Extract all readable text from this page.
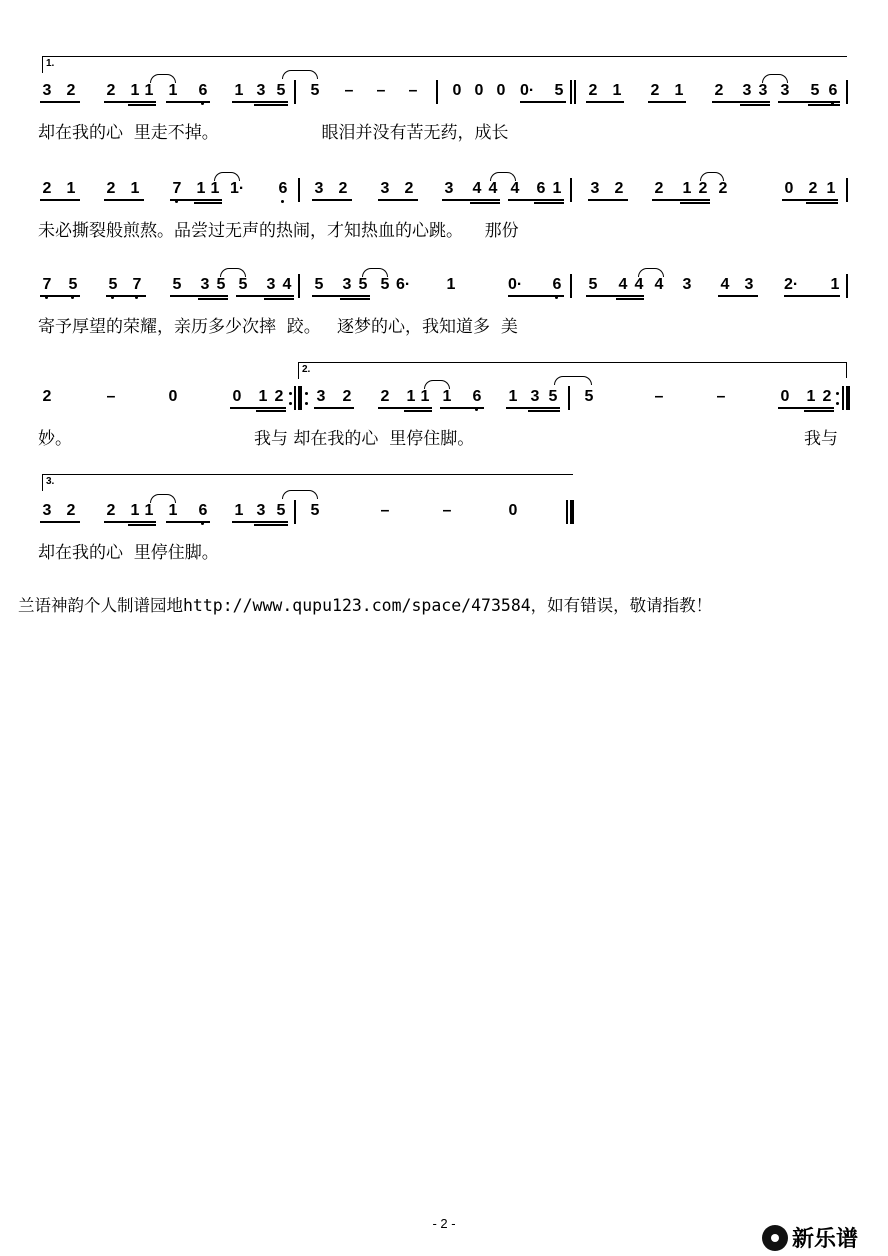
1.
3 2 2 1 1 1 6 1 3 5 5 – – – 0 0 0 0· 5 2 1 2 1 2 3 3 3 5 6
却在我的心  里走不掉。                   眼泪并没有苦无药，成长
2 1 2 1 7 1 1 1· 6 3 2 3 2 3 4 4 4 6 1 3 2 2 1 2 2	0 2 1
未必撕裂般煎熬。品尝过无声的热闹，才知热血的心跳。    那份
7 5 5 7 5 3 5 5 3 4 5 3 5 5 6· 1	0· 6 5 4 4 4 3 4 3 2· 1
寄予厚望的荣耀，亲历多少次摔  跤。   逐梦的心，我知道多  美
2.
2	–	0	0 1 2 3 2 2 1 1 1 6 1 3 5 5	–	–	0 1 2
妙。	我与 却在我的心  里停住脚。	我与
3.
3 2 2 1 1 1 6 1 3 5 5	–	–	0
却在我的心  里停住脚。
兰语神韵个人制谱园地http://www.qupu123.com/space/473584，如有错误，敬请指教！
- 2 -
新乐谱
